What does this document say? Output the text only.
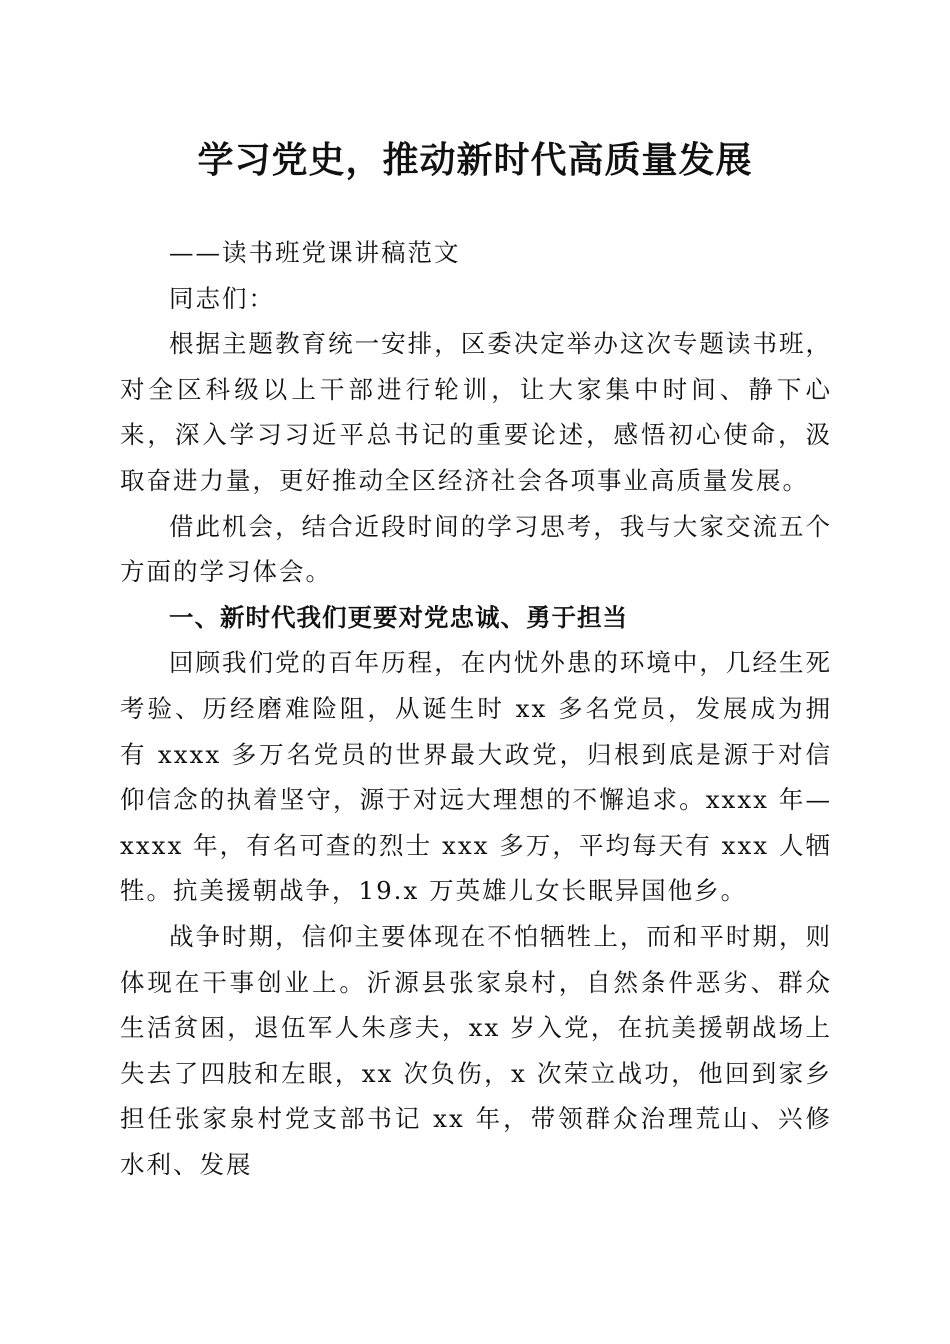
学习党史，推动新时代高质量发展

——读书班党课讲稿范文

同志们：

根据主题教育统一安排，区委决定举办这次专题读书班，对全区科级以上干部进行轮训，让大家集中时间、静下心来，深入学习习近平总书记的重要论述，感悟初心使命，汲取奋进力量，更好推动全区经济社会各项事业高质量发展。

借此机会，结合近段时间的学习思考，我与大家交流五个方面的学习体会。

一、新时代我们更要对党忠诚、勇于担当

回顾我们党的百年历程，在内忧外患的环境中，几经生死考验、历经磨难险阻，从诞生时 xx 多名党员，发展成为拥有 xxxx 多万名党员的世界最大政党，归根到底是源于对信仰信念的执着坚守，源于对远大理想的不懈追求。xxxx 年—xxxx 年，有名可查的烈士 xxx 多万，平均每天有 xxx 人牺牲。抗美援朝战争，19.x 万英雄儿女长眠异国他乡。

战争时期，信仰主要体现在不怕牺牲上，而和平时期，则体现在干事创业上。沂源县张家泉村，自然条件恶劣、群众生活贫困，退伍军人朱彦夫，xx 岁入党，在抗美援朝战场上失去了四肢和左眼，xx 次负伤，x 次荣立战功，他回到家乡担任张家泉村党支部书记 xx 年，带领群众治理荒山、兴修水利、发展
